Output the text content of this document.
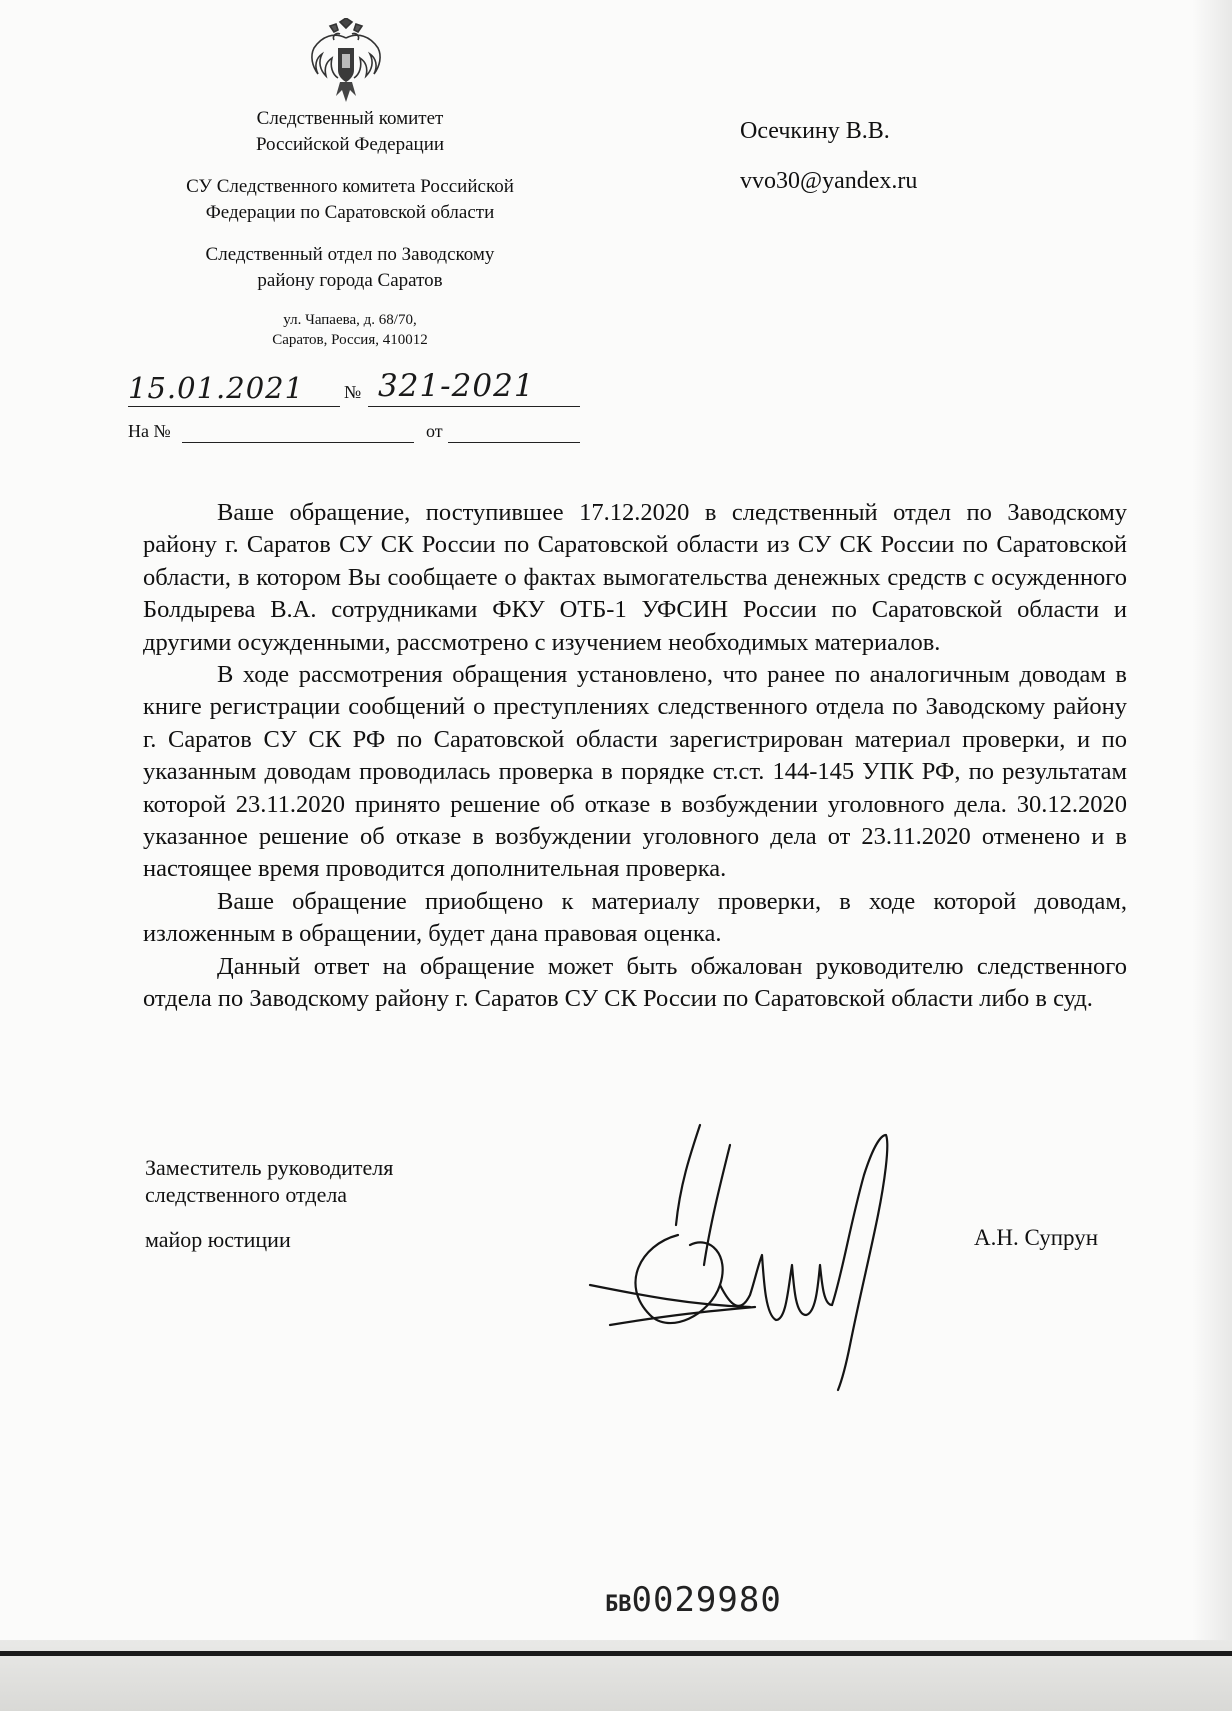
Следственный комитет
Российской Федерации
СУ Следственного комитета Российской
Федерации по Саратовской области
Следственный отдел по Заводскому
району города Саратов
ул. Чапаева, д. 68/70,
Саратов, Россия, 410012
Осечкину В.В.
vvo30@yandex.ru
15.01.2021 № 321-2021
На №	от

Ваше обращение, поступившее 17.12.2020 в следственный отдел по Заводскому району г. Саратов СУ СК России по Саратовской области из СУ СК России по Саратовской области, в котором Вы сообщаете о фактах вымогательства денежных средств с осужденного Болдырева В.А. сотрудниками ФКУ ОТБ-1 УФСИН России по Саратовской области и другими осужденными, рассмотрено с изучением необходимых материалов.

В ходе рассмотрения обращения установлено, что ранее по аналогичным доводам в книге регистрации сообщений о преступлениях следственного отдела по Заводскому району г. Саратов СУ СК РФ по Саратовской области зарегистрирован материал проверки, и по указанным доводам проводилась проверка в порядке ст.ст. 144-145 УПК РФ, по результатам которой 23.11.2020 принято решение об отказе в возбуждении уголовного дела. 30.12.2020 указанное решение об отказе в возбуждении уголовного дела от 23.11.2020 отменено и в настоящее время проводится дополнительная проверка.

Ваше обращение приобщено к материалу проверки, в ходе которой доводам, изложенным в обращении, будет дана правовая оценка.

Данный ответ на обращение может быть обжалован руководителю следственного отдела по Заводскому району г. Саратов СУ СК России по Саратовской области либо в суд.

Заместитель руководителя
следственного отдела
майор юстиции	А.Н. Супрун
БВ0029980
